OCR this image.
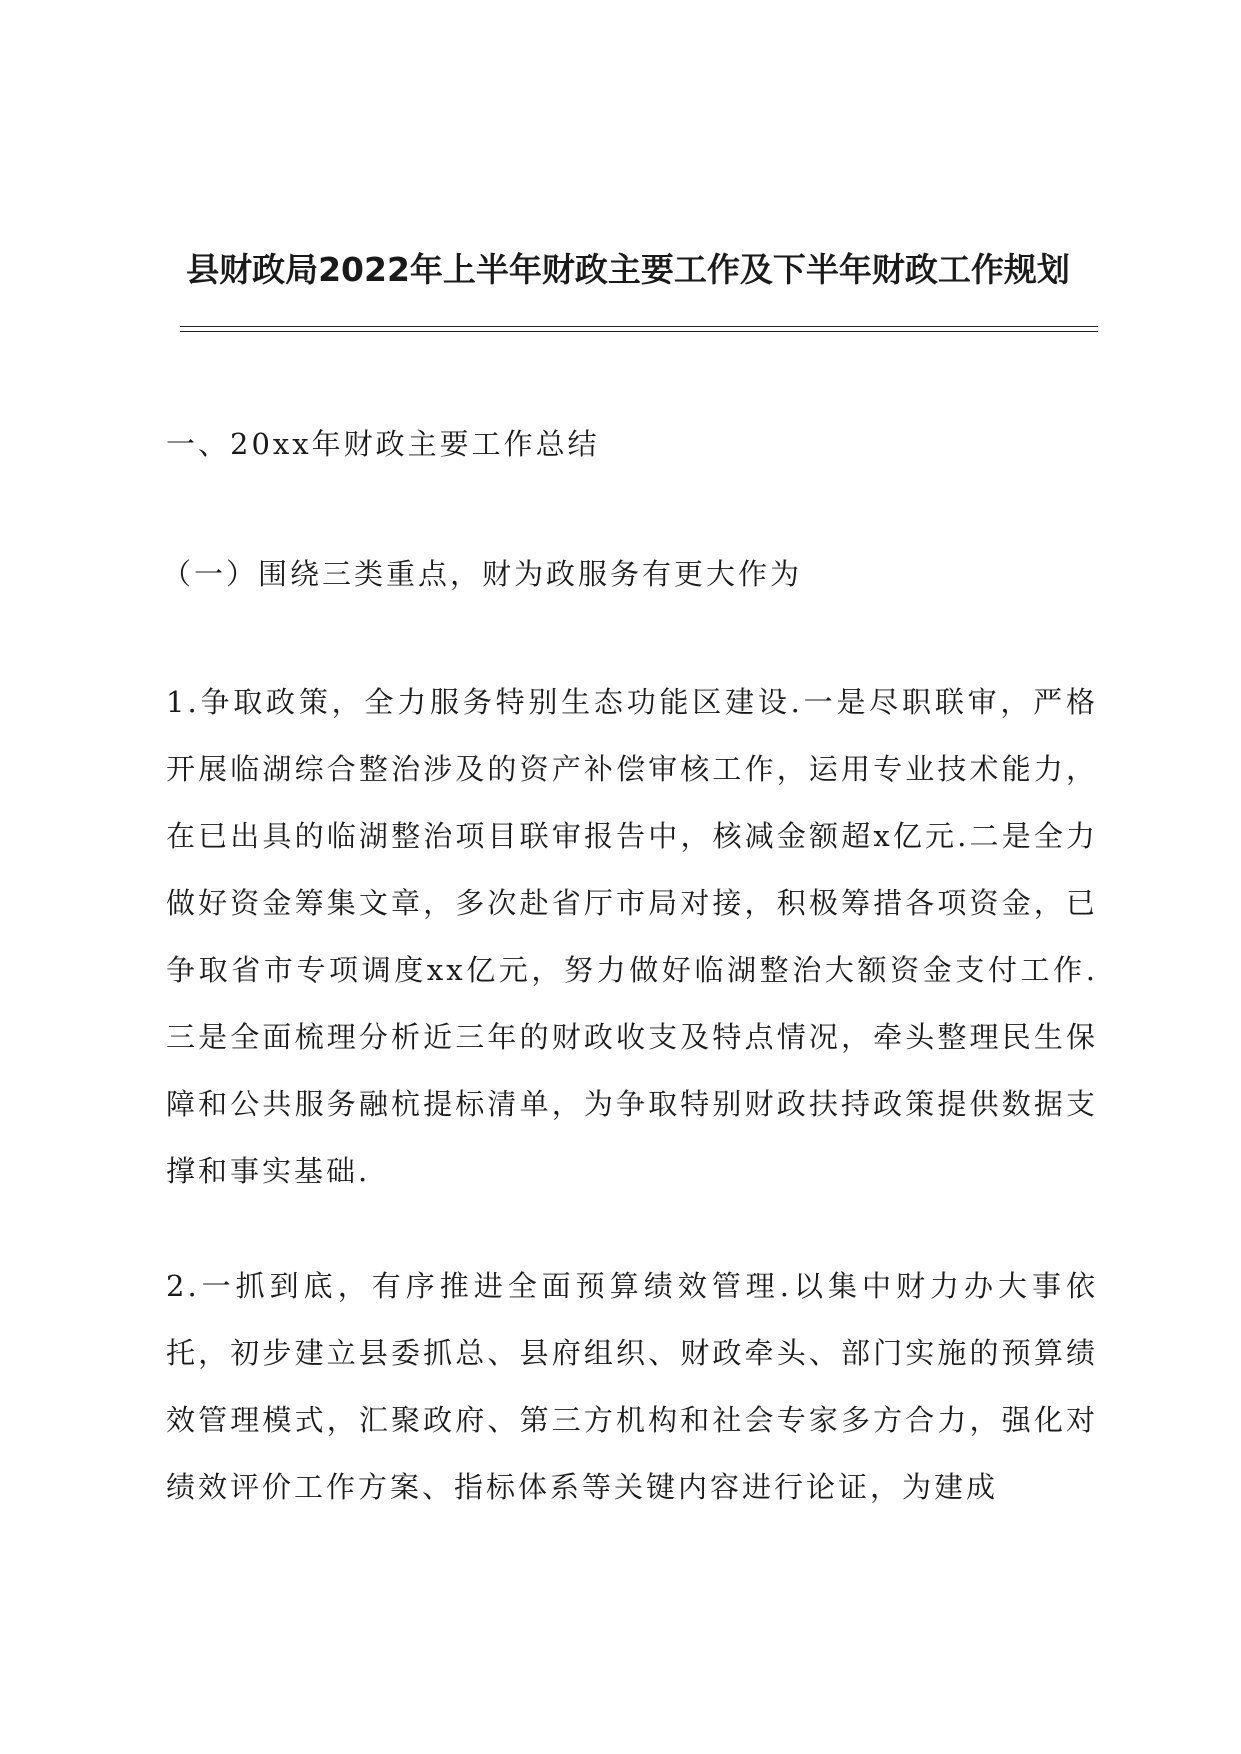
县财政局2022年上半年财政主要工作及下半年财政工作规划
一、20xx年财政主要工作总结
（一）围绕三类重点，财为政服务有更大作为
1.争取政策，全力服务特别生态功能区建设.一是尽职联审，严格开展临湖综合整治涉及的资产补偿审核工作，运用专业技术能力，在已出具的临湖整治项目联审报告中，核减金额超x亿元.二是全力做好资金筹集文章，多次赴省厅市局对接，积极筹措各项资金，已争取省市专项调度xx亿元，努力做好临湖整治大额资金支付工作.三是全面梳理分析近三年的财政收支及特点情况，牵头整理民生保障和公共服务融杭提标清单，为争取特别财政扶持政策提供数据支撑和事实基础.
2.一抓到底，有序推进全面预算绩效管理.以集中财力办大事依托，初步建立县委抓总、县府组织、财政牵头、部门实施的预算绩效管理模式，汇聚政府、第三方机构和社会专家多方合力，强化对绩效评价工作方案、指标体系等关键内容进行论证，为建成
